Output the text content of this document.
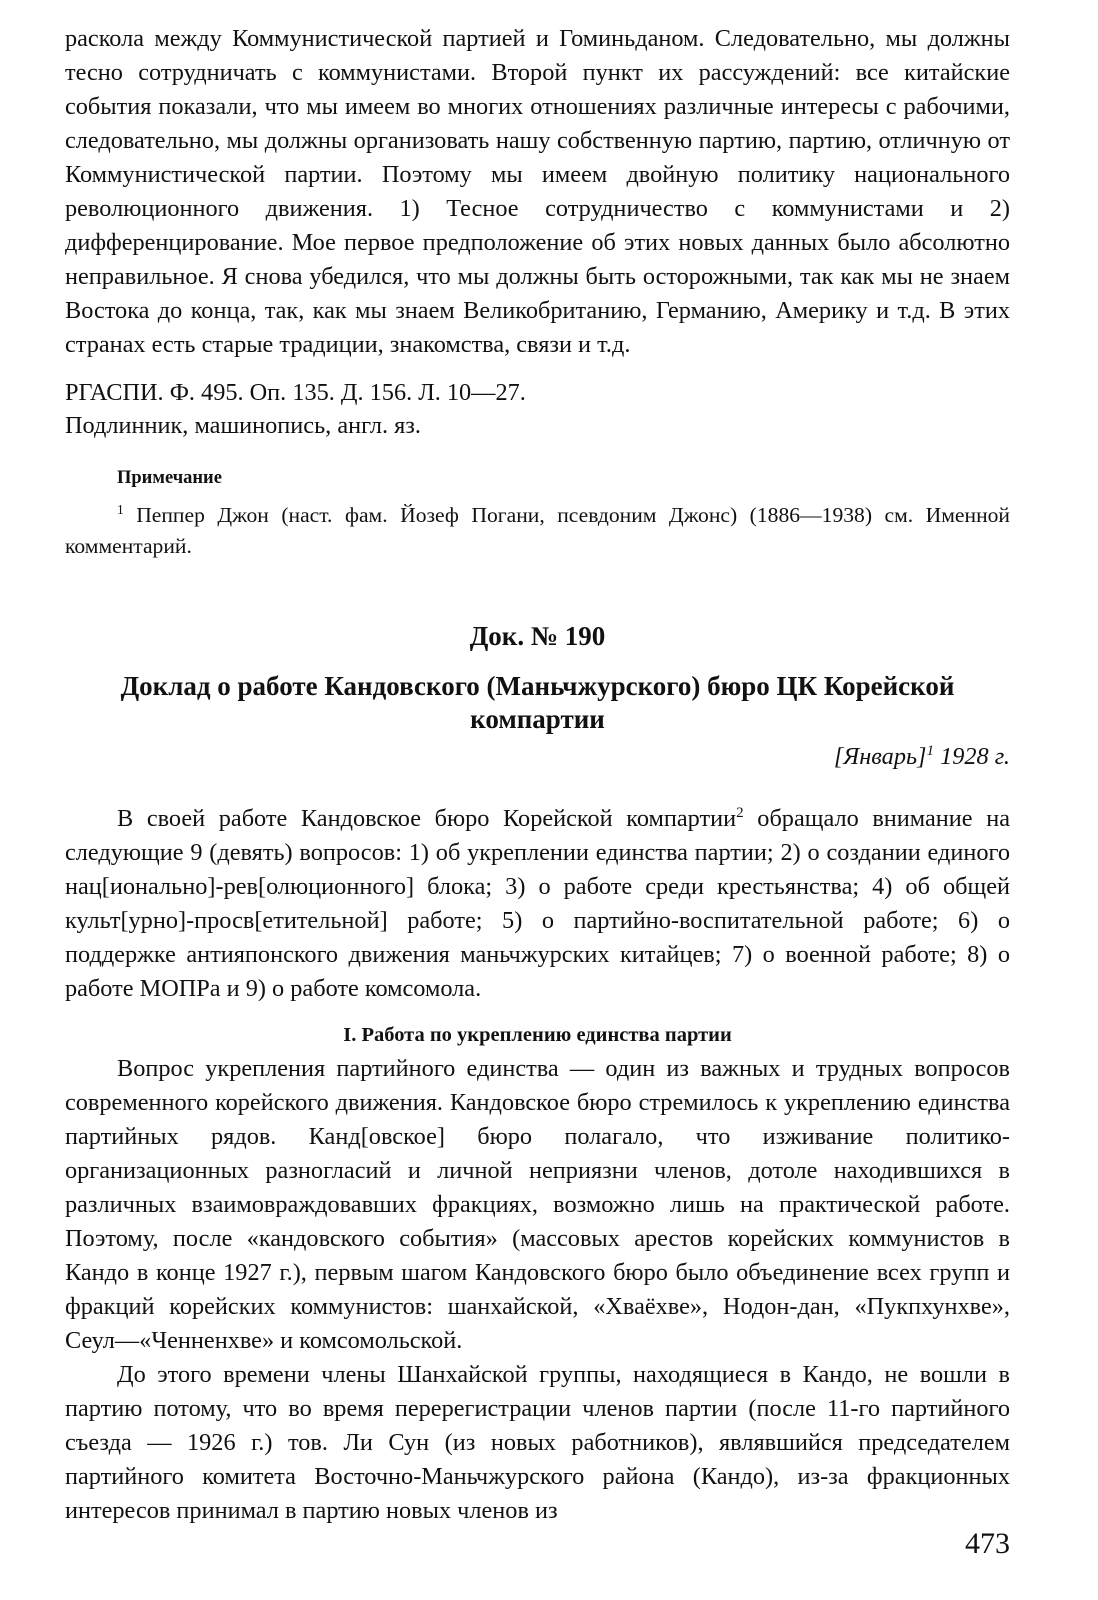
раскола между Коммунистической партией и Гоминьданом. Следовательно, мы должны тесно сотрудничать с коммунистами. Второй пункт их рассуждений: все китайские события показали, что мы имеем во многих отношениях различные интересы с рабочими, следовательно, мы должны организовать нашу собственную партию, партию, отличную от Коммунистической партии. Поэтому мы имеем двойную политику национального революционного движения. 1) Тесное сотрудничество с коммунистами и 2) дифференцирование. Мое первое предположение об этих новых данных было абсолютно неправильное. Я снова убедился, что мы должны быть осторожными, так как мы не знаем Востока до конца, так, как мы знаем Великобританию, Германию, Америку и т.д. В этих странах есть старые традиции, знакомства, связи и т.д.

РГАСПИ. Ф. 495. Оп. 135. Д. 156. Л. 10—27.
Подлинник, машинопись, англ. яз.
Примечание
$^1$ Пеппер Джон (наст. фам. Йозеф Погани, псевдоним Джонс) (1886—1938) см. Именной комментарий.
Док. № 190
Доклад о работе Кандовского (Маньчжурского) бюро ЦК Корейской компартии
[Январь]$^1$ 1928 г.

В своей работе Кандовское бюро Корейской компартии$^2$ обращало внимание на следующие 9 (девять) вопросов: 1) об укреплении единства партии; 2) о создании единого нац[ионально]-рев[олюционного] блока; 3) о работе среди крестьянства; 4) об общей культ[урно]-просв[етительной] работе; 5) о партийно-воспитательной работе; 6) о поддержке антияпонского движения маньчжурских китайцев; 7) о военной работе; 8) о работе МОПРа и 9) о работе комсомола.

I. Работа по укреплению единства партии

Вопрос укрепления партийного единства — один из важных и трудных вопросов современного корейского движения. Кандовское бюро стремилось к укреплению единства партийных рядов. Канд[овское] бюро полагало, что изживание политико-организационных разногласий и личной неприязни членов, дотоле находившихся в различных взаимовраждовавших фракциях, возможно лишь на практической работе. Поэтому, после «кандовского события» (массовых арестов корейских коммунистов в Кандо в конце 1927 г.), первым шагом Кандовского бюро было объединение всех групп и фракций корейских коммунистов: шанхайской, «Хваёхве», Нодон-дан, «Пукпхунхве», Сеул—«Ченненхве» и комсомольской.

До этого времени члены Шанхайской группы, находящиеся в Кандо, не вошли в партию потому, что во время перерегистрации членов партии (после 11-го партийного съезда — 1926 г.) тов. Ли Сун (из новых работников), являвшийся председателем партийного комитета Восточно-Маньчжурского района (Кандо), из-за фракционных интересов принимал в партию новых членов из

473
